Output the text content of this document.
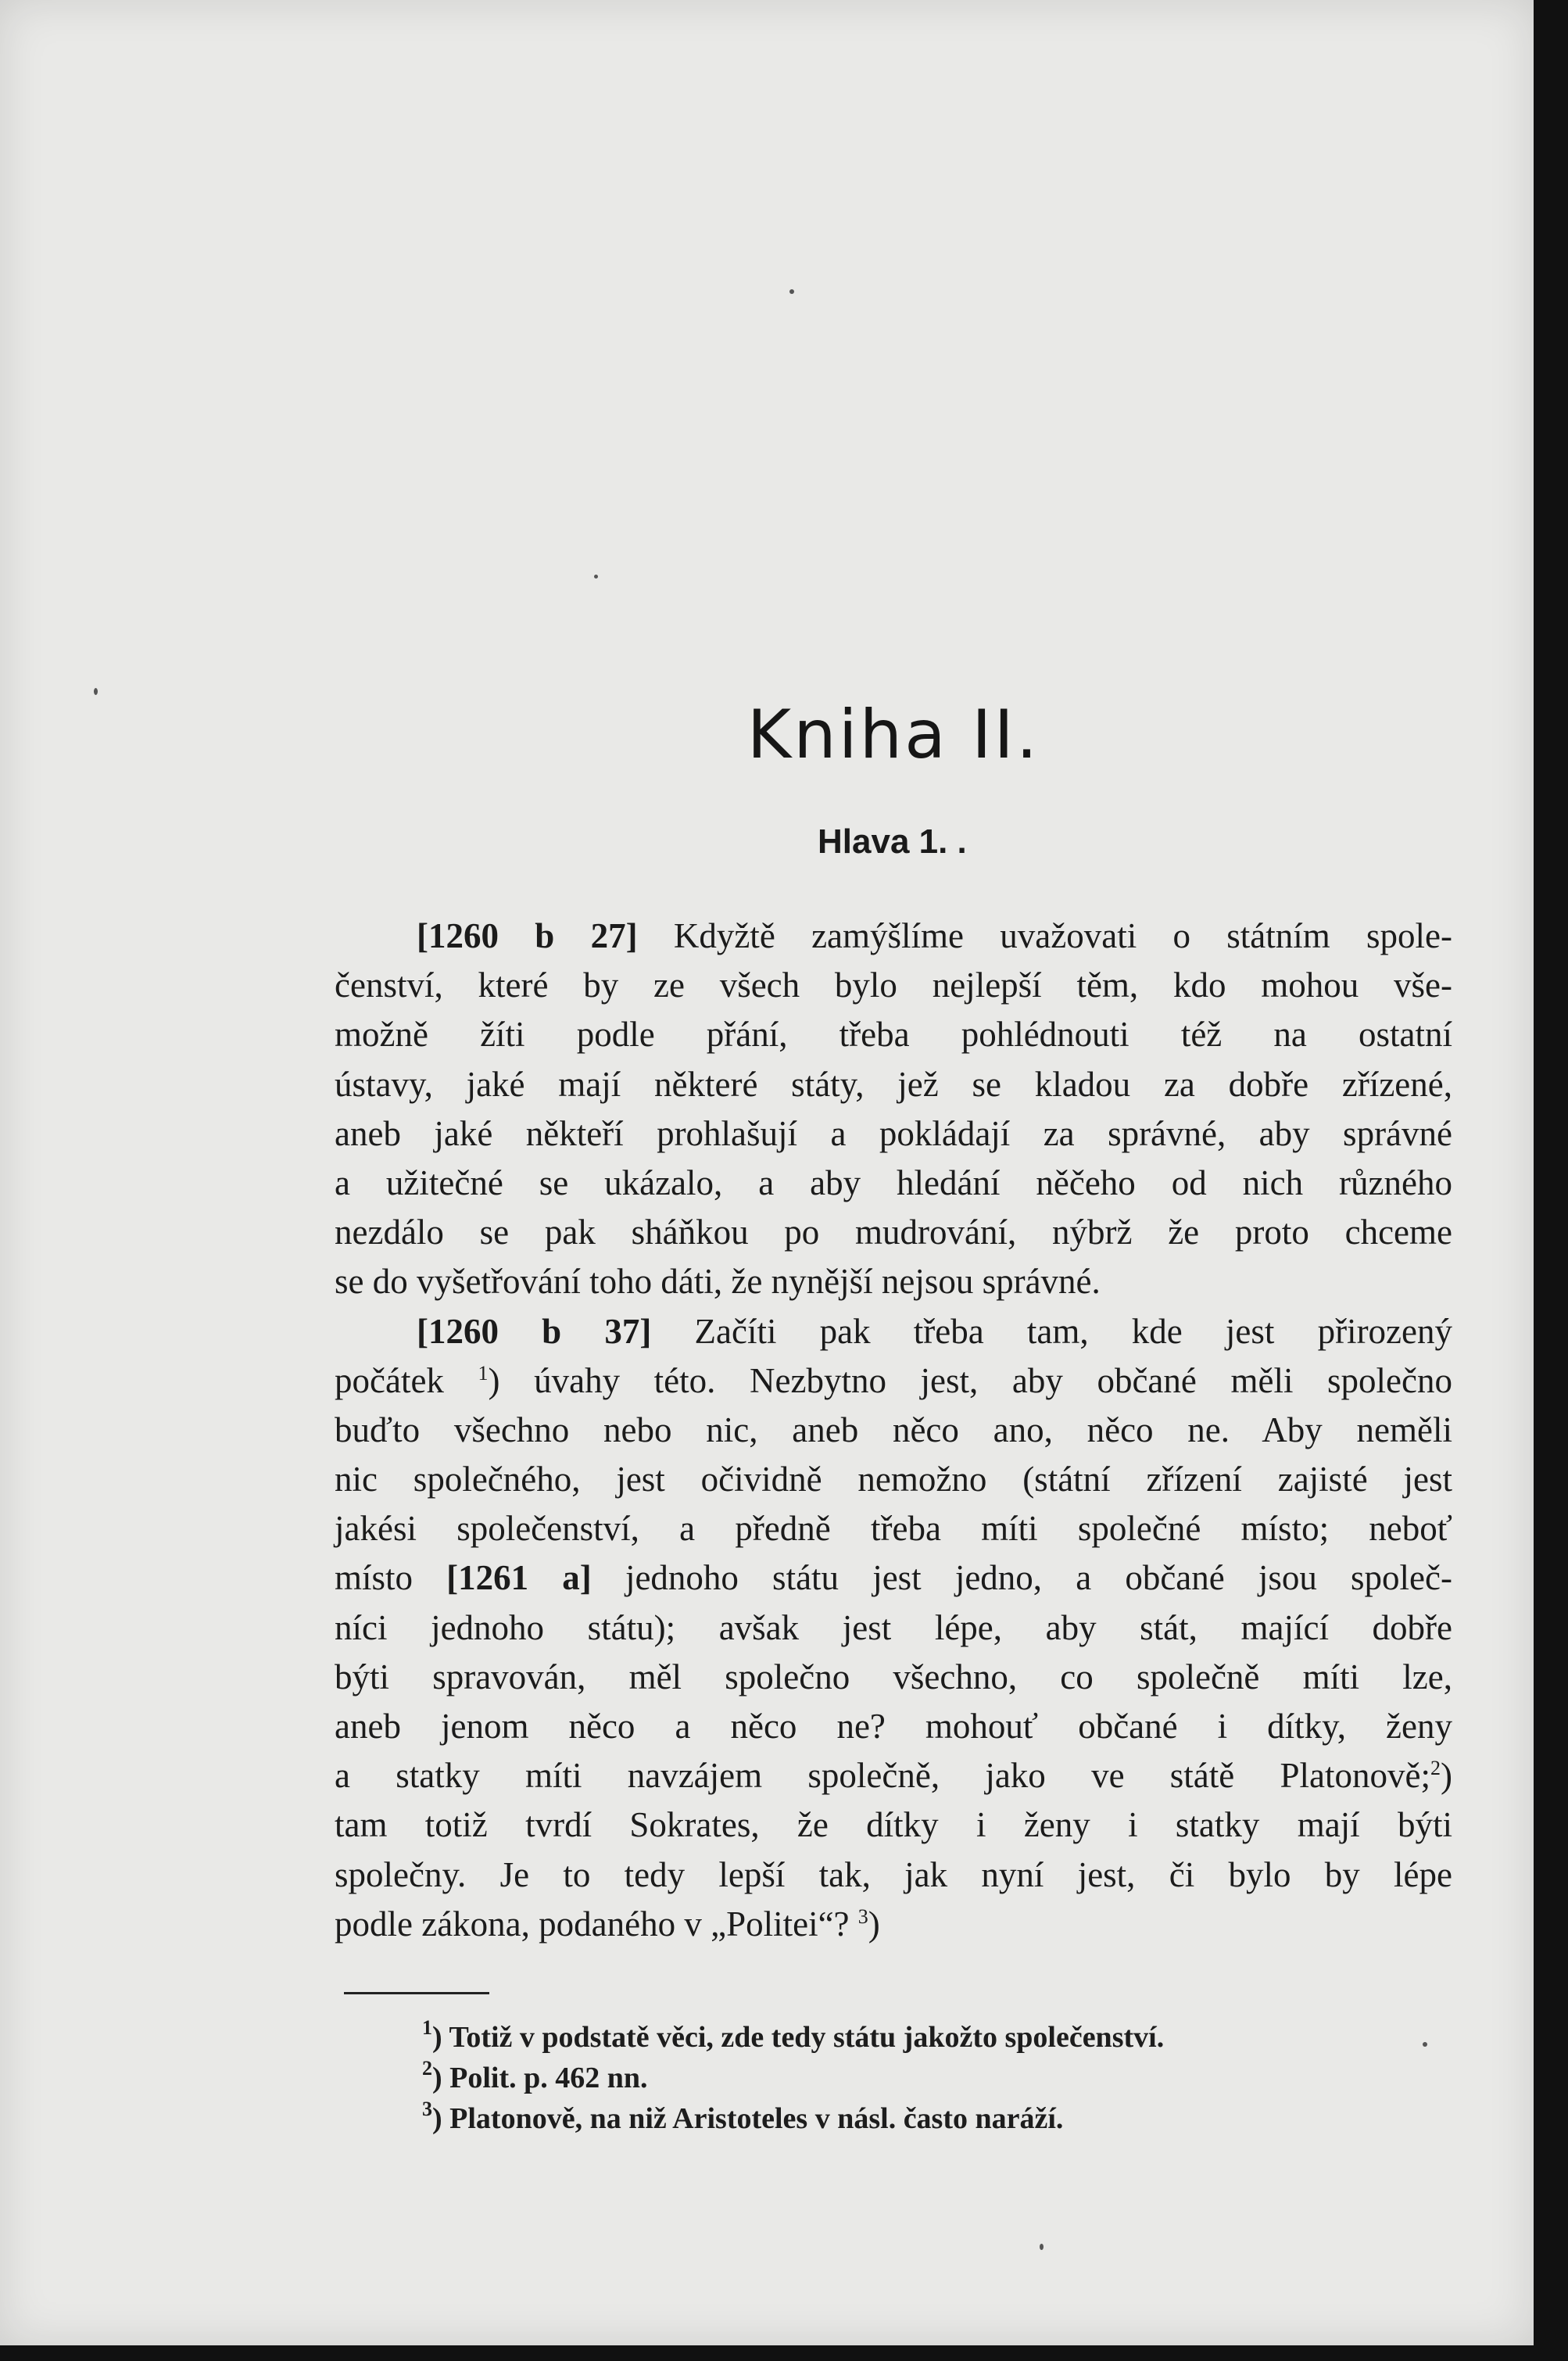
Kniha II.
Hlava 1. .
[1260 b 27] Kdyžtě zamýšlíme uvažovati o státním spole-
čenství, které by ze všech bylo nejlepší těm, kdo mohou vše-
možně žíti podle přání, třeba pohlédnouti též na ostatní
ústavy, jaké mají některé státy, jež se kladou za dobře zřízené,
aneb jaké někteří prohlašují a pokládají za správné, aby správné
a užitečné se ukázalo, a aby hledání něčeho od nich různého
nezdálo se pak sháňkou po mudrování, nýbrž že proto chceme
se do vyšetřování toho dáti, že nynější nejsou správné.
[1260 b 37] Začíti pak třeba tam, kde jest přirozený
počátek $^1$) úvahy této. Nezbytno jest, aby občané měli společno
buďto všechno nebo nic, aneb něco ano, něco ne. Aby neměli
nic společného, jest očividně nemožno (státní zřízení zajisté jest
jakési společenství, a předně třeba míti společné místo; neboť
místo [1261 a] jednoho státu jest jedno, a občané jsou společ-
níci jednoho státu); avšak jest lépe, aby stát, mající dobře
býti spravován, měl společno všechno, co společně míti lze,
aneb jenom něco a něco ne? mohouť občané i dítky, ženy
a statky míti navzájem společně, jako ve státě Platonově;$^2$)
tam totiž tvrdí Sokrates, že dítky i ženy i statky mají býti
společny. Je to tedy lepší tak, jak nyní jest, či bylo by lépe
podle zákona, podaného v „Politei“? $^3$)
$^1$) Totiž v podstatě věci, zde tedy státu jakožto společenství.
$^2$) Polit. p. 462 nn.
$^3$) Platonově, na niž Aristoteles v násl. často naráží.
